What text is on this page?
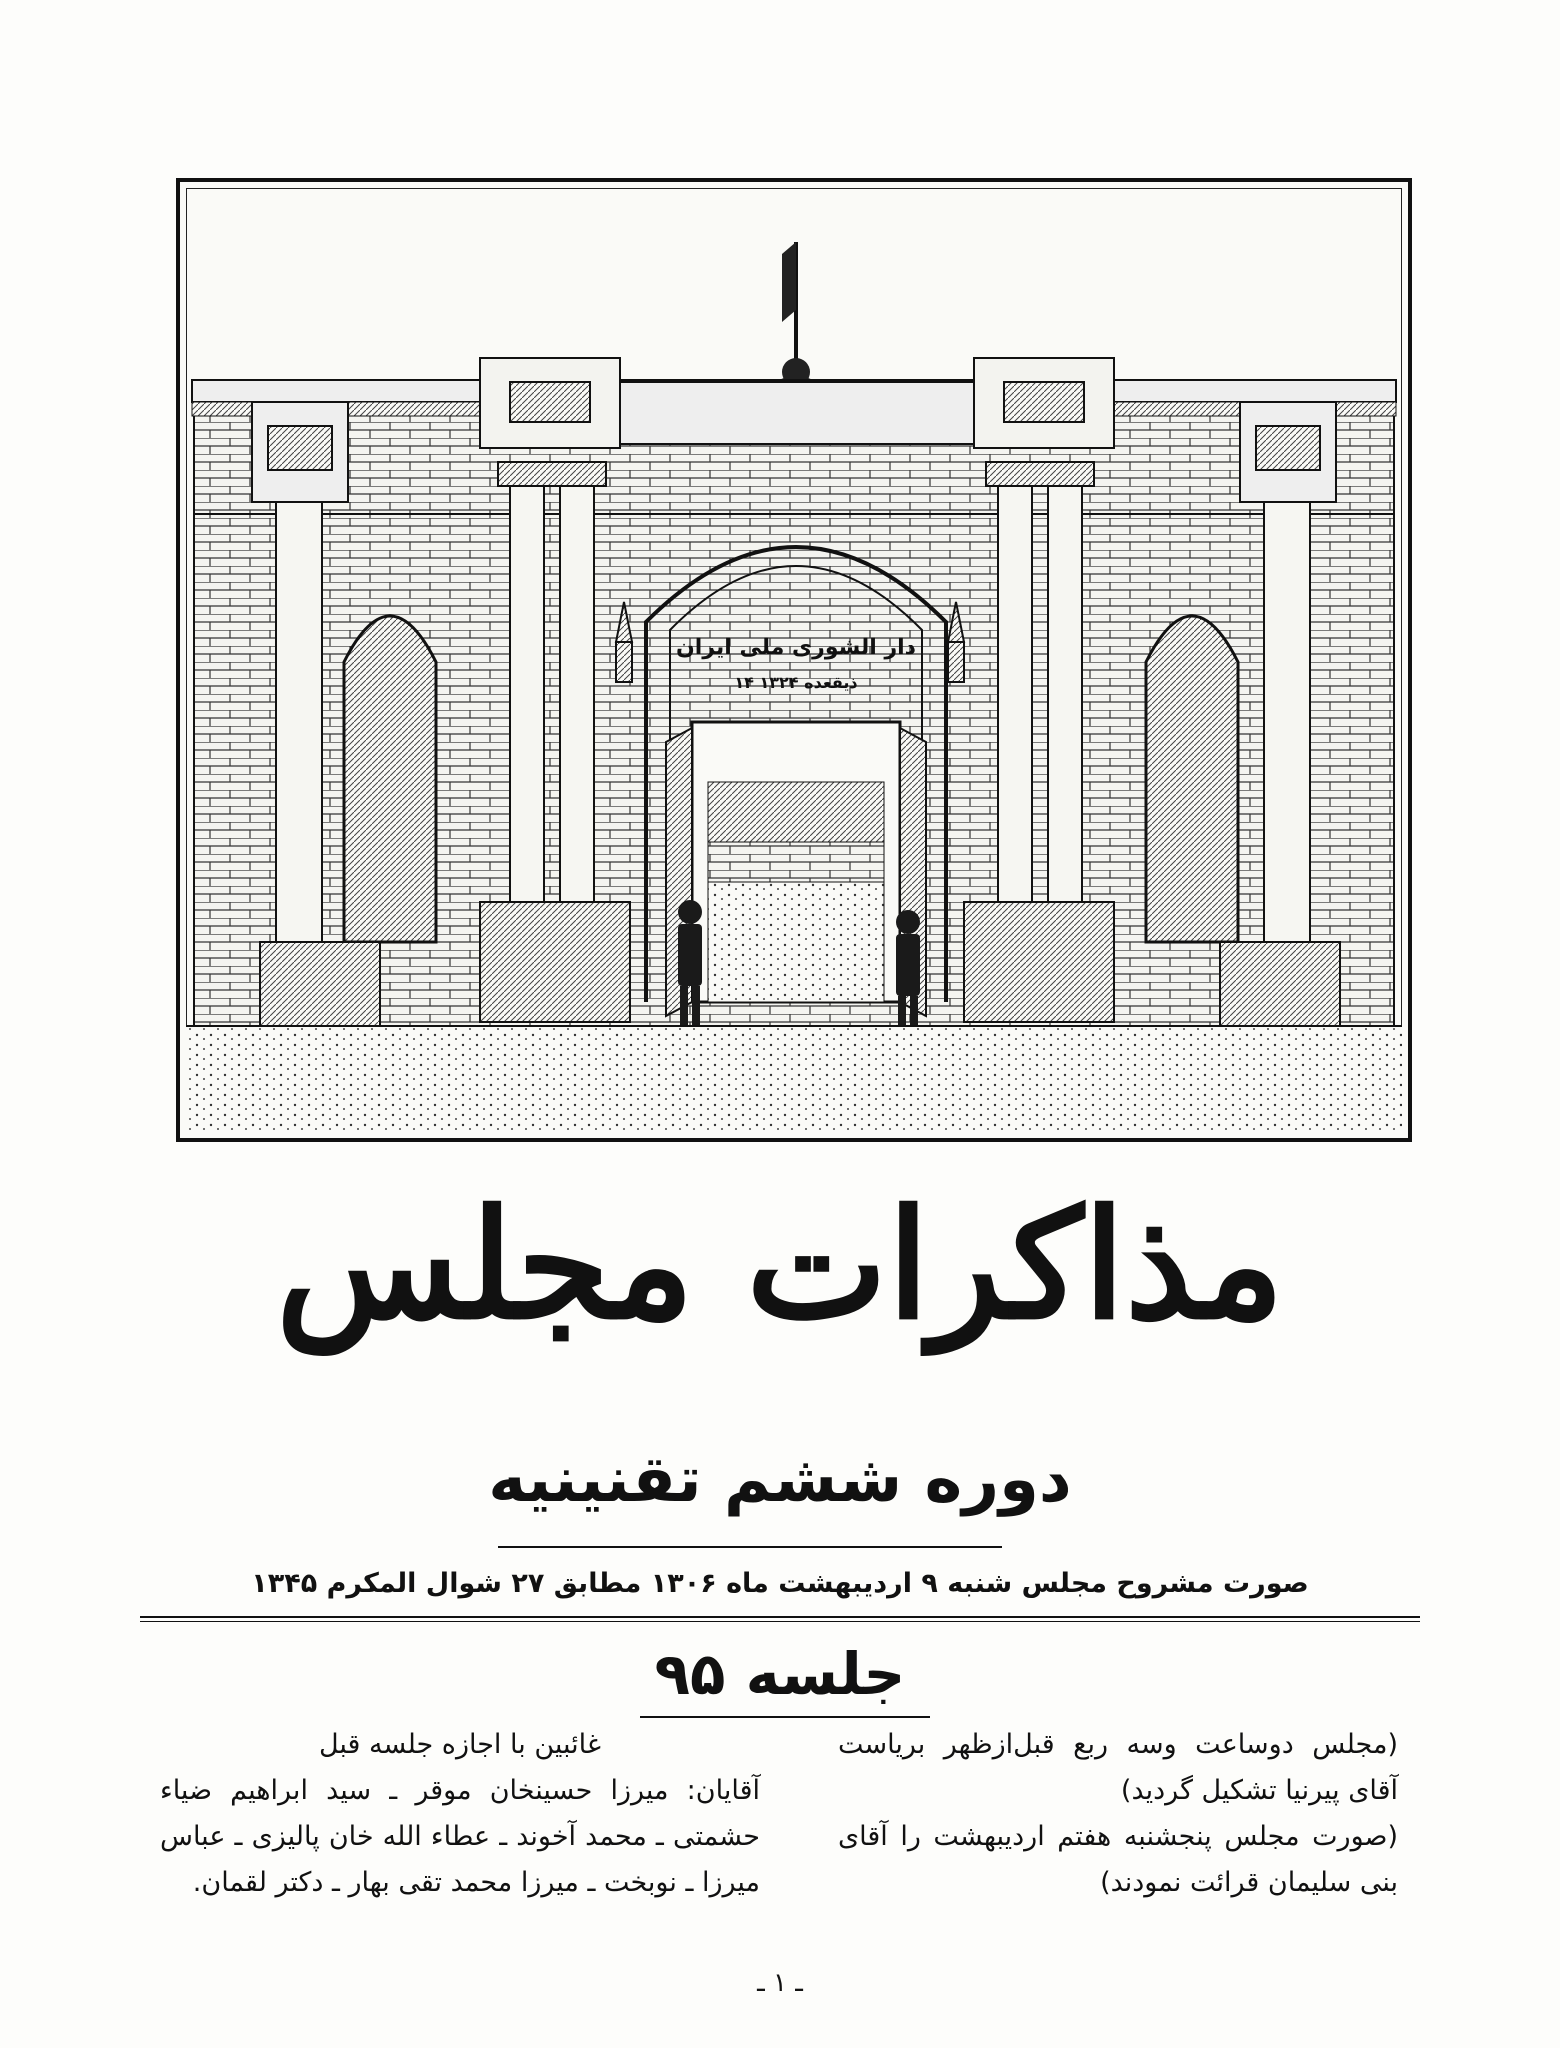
دار الشوری ملی ایران
۱۴ ذیقعده ۱۳۲۴
مذاکرات مجلس
دوره ششم تقنینیه
صورت مشروح مجلس شنبه ۹ اردیبهشت ماه ۱۳۰۶ مطابق ۲۷ شوال المکرم ۱۳۴۵
جلسه ۹۵

(مجلس دوساعت وسه ربع قبل‌ازظهر بریاست آقای پیرنیا تشکیل گردید)

(صورت مجلس پنجشنبه هفتم اردیبهشت را آقای بنی سلیمان قرائت نمودند)

غائبین با اجازه جلسه قبل

آقایان: میرزا حسینخان موقر ـ سید ابراهیم ضیاء حشمتی ـ محمد آخوند ـ عطاء الله خان پالیزی ـ عباس میرزا ـ نوبخت ـ میرزا محمد تقی بهار ـ دکتر لقمان.

ـ ۱ ـ
